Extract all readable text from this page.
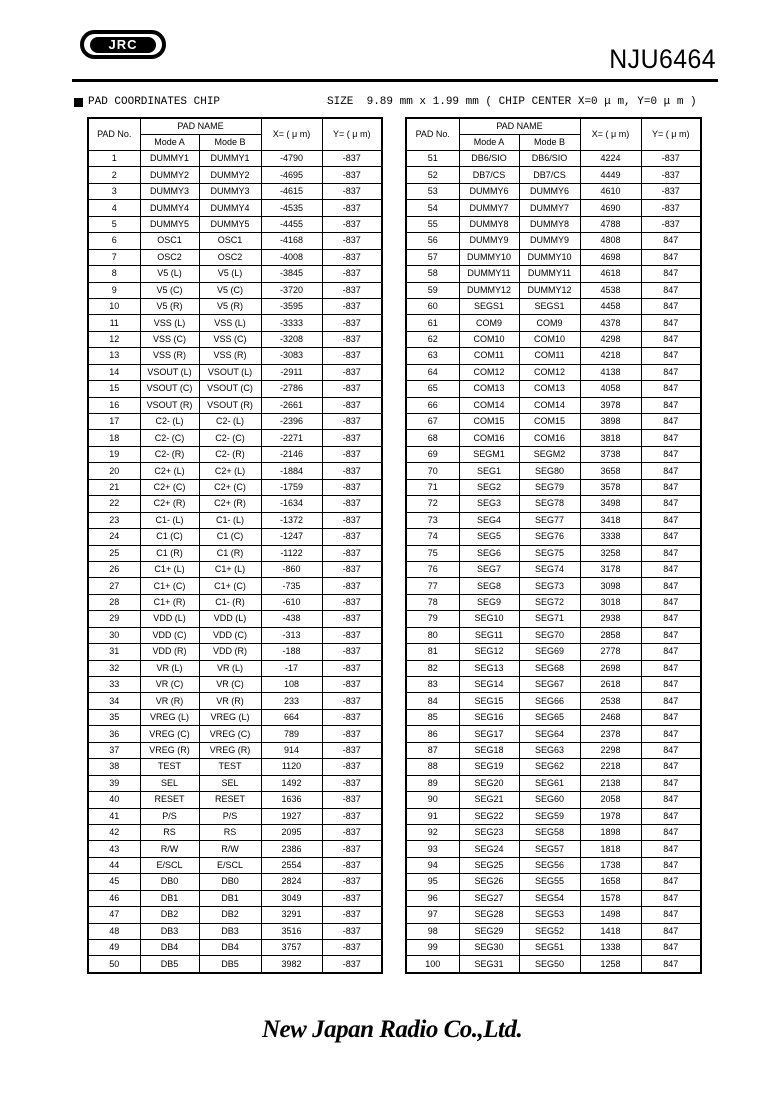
JRC	NJU6464
PAD COORDINATES CHIP	SIZE  9.89 mm x 1.99 mm ( CHIP CENTER X=0 μ m, Y=0 μ m )
PAD No.	PAD NAME		X= ( μ m)	Y= ( μ m)
	Mode A	Mode B		
1	DUMMY1	DUMMY1	-4790	-837
2	DUMMY2	DUMMY2	-4695	-837
3	DUMMY3	DUMMY3	-4615	-837
4	DUMMY4	DUMMY4	-4535	-837
5	DUMMY5	DUMMY5	-4455	-837
6	OSC1	OSC1	-4168	-837
7	OSC2	OSC2	-4008	-837
8	V5 (L)	V5 (L)	-3845	-837
9	V5 (C)	V5 (C)	-3720	-837
10	V5 (R)	V5 (R)	-3595	-837
11	VSS (L)	VSS (L)	-3333	-837
12	VSS (C)	VSS (C)	-3208	-837
13	VSS (R)	VSS (R)	-3083	-837
14	VSOUT (L)	VSOUT (L)	-2911	-837
15	VSOUT (C)	VSOUT (C)	-2786	-837
16	VSOUT (R)	VSOUT (R)	-2661	-837
17	C2- (L)	C2- (L)	-2396	-837
18	C2- (C)	C2- (C)	-2271	-837
19	C2- (R)	C2- (R)	-2146	-837
20	C2+ (L)	C2+ (L)	-1884	-837
21	C2+ (C)	C2+ (C)	-1759	-837
22	C2+ (R)	C2+ (R)	-1634	-837
23	C1- (L)	C1- (L)	-1372	-837
24	C1 (C)	C1 (C)	-1247	-837
25	C1 (R)	C1 (R)	-1122	-837
26	C1+ (L)	C1+ (L)	-860	-837
27	C1+ (C)	C1+ (C)	-735	-837
28	C1+ (R)	C1- (R)	-610	-837
29	VDD (L)	VDD (L)	-438	-837
30	VDD (C)	VDD (C)	-313	-837
31	VDD (R)	VDD (R)	-188	-837
32	VR (L)	VR (L)	-17	-837
33	VR (C)	VR (C)	108	-837
34	VR (R)	VR (R)	233	-837
35	VREG (L)	VREG (L)	664	-837
36	VREG (C)	VREG (C)	789	-837
37	VREG (R)	VREG (R)	914	-837
38	TEST	TEST	1120	-837
39	SEL	SEL	1492	-837
40	RESET	RESET	1636	-837
41	P/S	P/S	1927	-837
42	RS	RS	2095	-837
43	R/W	R/W	2386	-837
44	E/SCL	E/SCL	2554	-837
45	DB0	DB0	2824	-837
46	DB1	DB1	3049	-837
47	DB2	DB2	3291	-837
48	DB3	DB3	3516	-837
49	DB4	DB4	3757	-837
50	DB5	DB5	3982	-837
PAD No.	PAD NAME		X= ( μ m)	Y= ( μ m)
	Mode A	Mode B		
51	DB6/SIO	DB6/SIO	4224	-837
52	DB7/CS	DB7/CS	4449	-837
53	DUMMY6	DUMMY6	4610	-837
54	DUMMY7	DUMMY7	4690	-837
55	DUMMY8	DUMMY8	4788	-837
56	DUMMY9	DUMMY9	4808	847
57	DUMMY10	DUMMY10	4698	847
58	DUMMY11	DUMMY11	4618	847
59	DUMMY12	DUMMY12	4538	847
60	SEGS1	SEGS1	4458	847
61	COM9	COM9	4378	847
62	COM10	COM10	4298	847
63	COM11	COM11	4218	847
64	COM12	COM12	4138	847
65	COM13	COM13	4058	847
66	COM14	COM14	3978	847
67	COM15	COM15	3898	847
68	COM16	COM16	3818	847
69	SEGM1	SEGM2	3738	847
70	SEG1	SEG80	3658	847
71	SEG2	SEG79	3578	847
72	SEG3	SEG78	3498	847
73	SEG4	SEG77	3418	847
74	SEG5	SEG76	3338	847
75	SEG6	SEG75	3258	847
76	SEG7	SEG74	3178	847
77	SEG8	SEG73	3098	847
78	SEG9	SEG72	3018	847
79	SEG10	SEG71	2938	847
80	SEG11	SEG70	2858	847
81	SEG12	SEG69	2778	847
82	SEG13	SEG68	2698	847
83	SEG14	SEG67	2618	847
84	SEG15	SEG66	2538	847
85	SEG16	SEG65	2468	847
86	SEG17	SEG64	2378	847
87	SEG18	SEG63	2298	847
88	SEG19	SEG62	2218	847
89	SEG20	SEG61	2138	847
90	SEG21	SEG60	2058	847
91	SEG22	SEG59	1978	847
92	SEG23	SEG58	1898	847
93	SEG24	SEG57	1818	847
94	SEG25	SEG56	1738	847
95	SEG26	SEG55	1658	847
96	SEG27	SEG54	1578	847
97	SEG28	SEG53	1498	847
98	SEG29	SEG52	1418	847
99	SEG30	SEG51	1338	847
100	SEG31	SEG50	1258	847
New Japan Radio Co.,Ltd.
